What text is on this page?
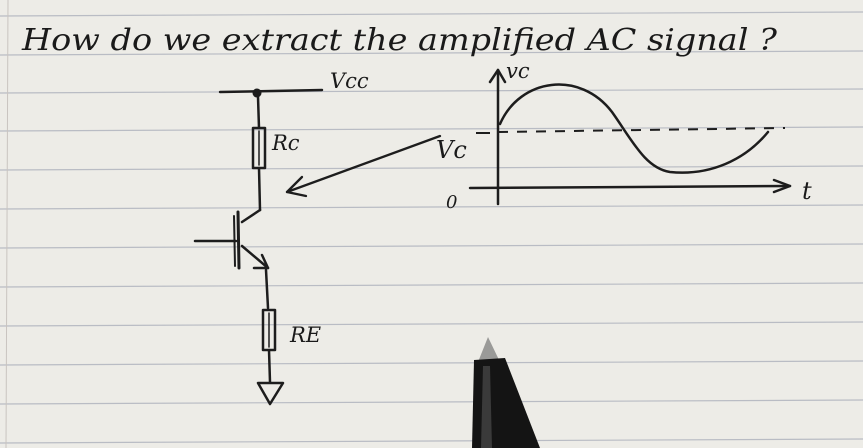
How do we extract the amplified AC signal ?
Vcc
Rc
RE
vc
t
0
Vc
